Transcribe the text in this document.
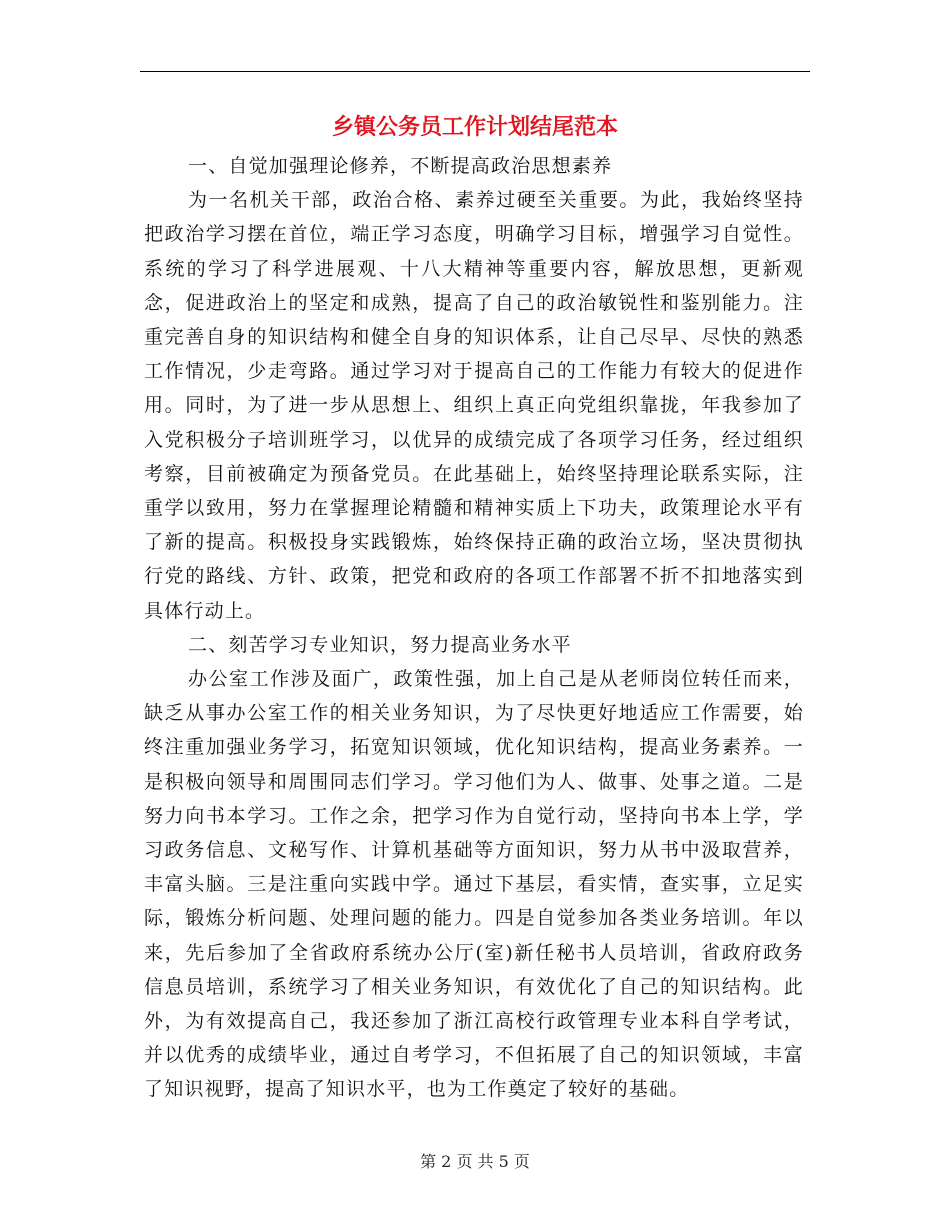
乡镇公务员工作计划结尾范本

一、自觉加强理论修养，不断提高政治思想素养

为一名机关干部，政治合格、素养过硬至关重要。为此，我始终坚持把政治学习摆在首位，端正学习态度，明确学习目标，增强学习自觉性。系统的学习了科学进展观、十八大精神等重要内容，解放思想，更新观念，促进政治上的坚定和成熟，提高了自己的政治敏锐性和鉴别能力。注重完善自身的知识结构和健全自身的知识体系，让自己尽早、尽快的熟悉工作情况，少走弯路。通过学习对于提高自己的工作能力有较大的促进作用。同时，为了进一步从思想上、组织上真正向党组织靠拢，年我参加了入党积极分子培训班学习，以优异的成绩完成了各项学习任务，经过组织考察，目前被确定为预备党员。在此基础上，始终坚持理论联系实际，注重学以致用，努力在掌握理论精髓和精神实质上下功夫，政策理论水平有了新的提高。积极投身实践锻炼，始终保持正确的政治立场，坚决贯彻执行党的路线、方针、政策，把党和政府的各项工作部署不折不扣地落实到具体行动上。

二、刻苦学习专业知识，努力提高业务水平

办公室工作涉及面广，政策性强，加上自己是从老师岗位转任而来，缺乏从事办公室工作的相关业务知识，为了尽快更好地适应工作需要，始终注重加强业务学习，拓宽知识领域，优化知识结构，提高业务素养。一是积极向领导和周围同志们学习。学习他们为人、做事、处事之道。二是努力向书本学习。工作之余，把学习作为自觉行动，坚持向书本上学，学习政务信息、文秘写作、计算机基础等方面知识，努力从书中汲取营养，丰富头脑。三是注重向实践中学。通过下基层，看实情，查实事，立足实际，锻炼分析问题、处理问题的能力。四是自觉参加各类业务培训。年以来，先后参加了全省政府系统办公厅(室)新任秘书人员培训，省政府政务信息员培训，系统学习了相关业务知识，有效优化了自己的知识结构。此外，为有效提高自己，我还参加了浙江高校行政管理专业本科自学考试，并以优秀的成绩毕业，通过自考学习，不但拓展了自己的知识领域，丰富了知识视野，提高了知识水平，也为工作奠定了较好的基础。

第 2 页 共 5 页
